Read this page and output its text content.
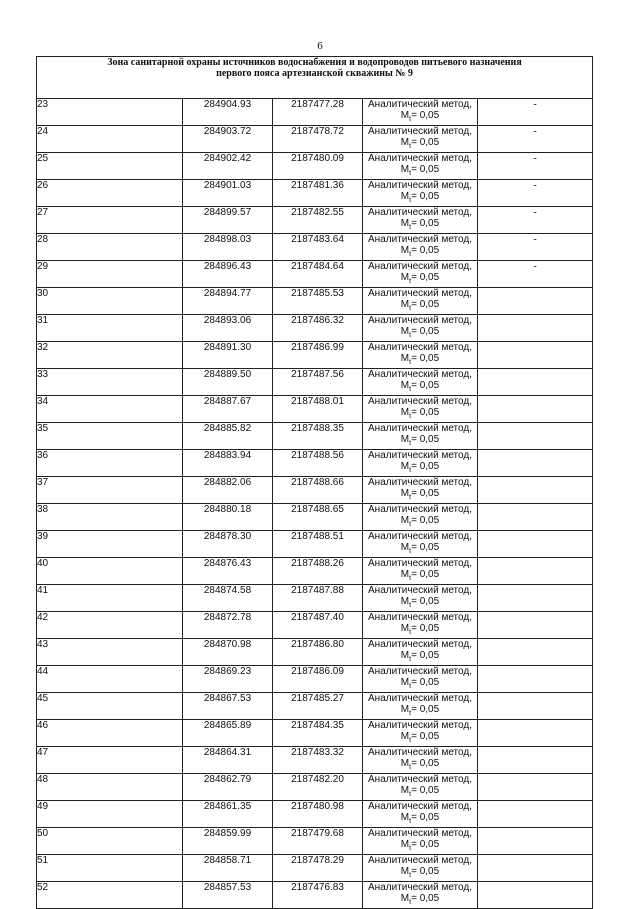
6
Зона санитарной охраны источников водоснабжения и водопроводов питьевого назначения
первого пояса артезианской скважины № 9				

23	284904.93	2187477.28	Аналитический метод,
$M_t= 0,05$	-
24	284903.72	2187478.72	Аналитический метод,
$M_t= 0,05$	-
25	284902.42	2187480.09	Аналитический метод,
$M_t= 0,05$	-
26	284901.03	2187481.36	Аналитический метод,
$M_t= 0,05$	-
27	284899.57	2187482.55	Аналитический метод,
$M_t= 0,05$	-
28	284898.03	2187483.64	Аналитический метод,
$M_t= 0,05$	-
29	284896.43	2187484.64	Аналитический метод,
$M_t= 0,05$	-
30	284894.77	2187485.53	Аналитический метод,
$M_t= 0,05$	

31	284893.06	2187486.32	Аналитический метод,
$M_t= 0,05$	

32	284891.30	2187486.99	Аналитический метод,
$M_t= 0,05$	

33	284889.50	2187487.56	Аналитический метод,
$M_t= 0,05$	

34	284887.67	2187488.01	Аналитический метод,
$M_t= 0,05$	

35	284885.82	2187488.35	Аналитический метод,
$M_t= 0,05$	

36	284883.94	2187488.56	Аналитический метод,
$M_t= 0,05$	

37	284882.06	2187488.66	Аналитический метод,
$M_t= 0,05$	

38	284880.18	2187488.65	Аналитический метод,
$M_t= 0,05$	

39	284878.30	2187488.51	Аналитический метод,
$M_t= 0,05$	

40	284876.43	2187488.26	Аналитический метод,
$M_t= 0,05$	

41	284874.58	2187487.88	Аналитический метод,
$M_t= 0,05$	

42	284872.78	2187487.40	Аналитический метод,
$M_t= 0,05$	

43	284870.98	2187486.80	Аналитический метод,
$M_t= 0,05$	

44	284869.23	2187486.09	Аналитический метод,
$M_t= 0,05$	

45	284867.53	2187485.27	Аналитический метод,
$M_t= 0,05$	

46	284865.89	2187484.35	Аналитический метод,
$M_t= 0,05$	

47	284864.31	2187483.32	Аналитический метод,
$M_t= 0,05$	

48	284862.79	2187482.20	Аналитический метод,
$M_t= 0,05$	

49	284861.35	2187480.98	Аналитический метод,
$M_t= 0,05$	

50	284859.99	2187479.68	Аналитический метод,
$M_t= 0,05$	

51	284858.71	2187478.29	Аналитический метод,
$M_t= 0,05$	

52	284857.53	2187476.83	Аналитический метод,
$M_t= 0,05$	
